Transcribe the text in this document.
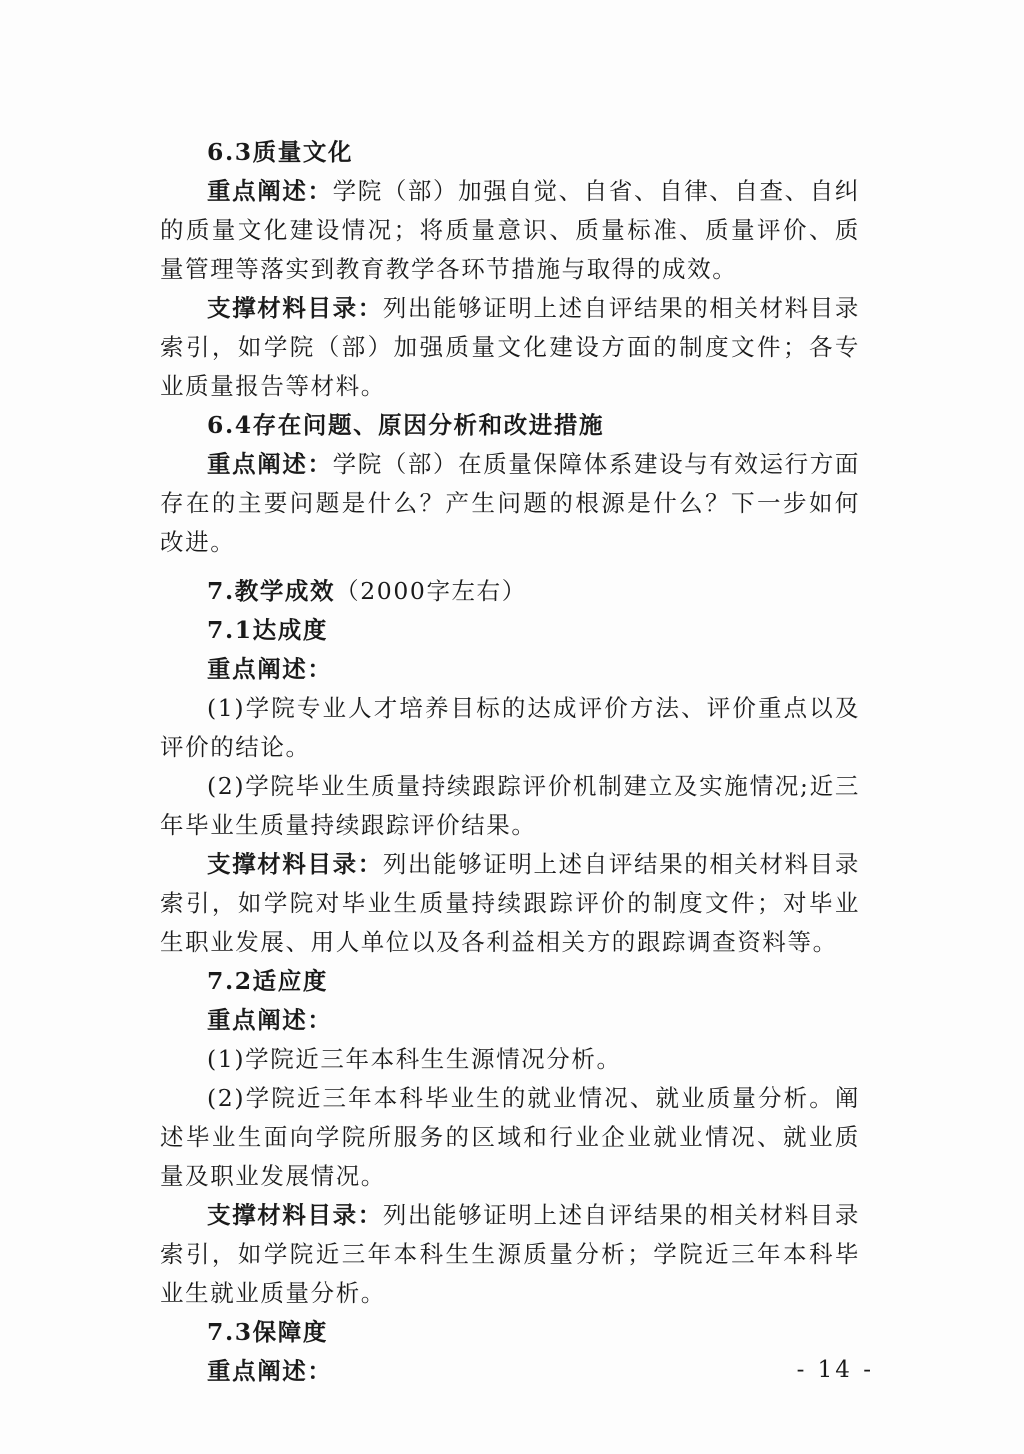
6.3质量文化

重点阐述：学院（部）加强自觉、自省、自律、自查、自纠的质量文化建设情况；将质量意识、质量标准、质量评价、质量管理等落实到教育教学各环节措施与取得的成效。

支撑材料目录：列出能够证明上述自评结果的相关材料目录索引，如学院（部）加强质量文化建设方面的制度文件；各专业质量报告等材料。

6.4存在问题、原因分析和改进措施

重点阐述：学院（部）在质量保障体系建设与有效运行方面存在的主要问题是什么？产生问题的根源是什么？下一步如何改进。

7.教学成效（2000字左右）

7.1达成度

重点阐述：

(1)学院专业人才培养目标的达成评价方法、评价重点以及评价的结论。

(2)学院毕业生质量持续跟踪评价机制建立及实施情况;近三年毕业生质量持续跟踪评价结果。

支撑材料目录：列出能够证明上述自评结果的相关材料目录索引，如学院对毕业生质量持续跟踪评价的制度文件；对毕业生职业发展、用人单位以及各利益相关方的跟踪调查资料等。

7.2适应度

重点阐述：

(1)学院近三年本科生生源情况分析。

(2)学院近三年本科毕业生的就业情况、就业质量分析。阐述毕业生面向学院所服务的区域和行业企业就业情况、就业质量及职业发展情况。

支撑材料目录：列出能够证明上述自评结果的相关材料目录索引，如学院近三年本科生生源质量分析；学院近三年本科毕业生就业质量分析。

7.3保障度

重点阐述：	- 14 -
